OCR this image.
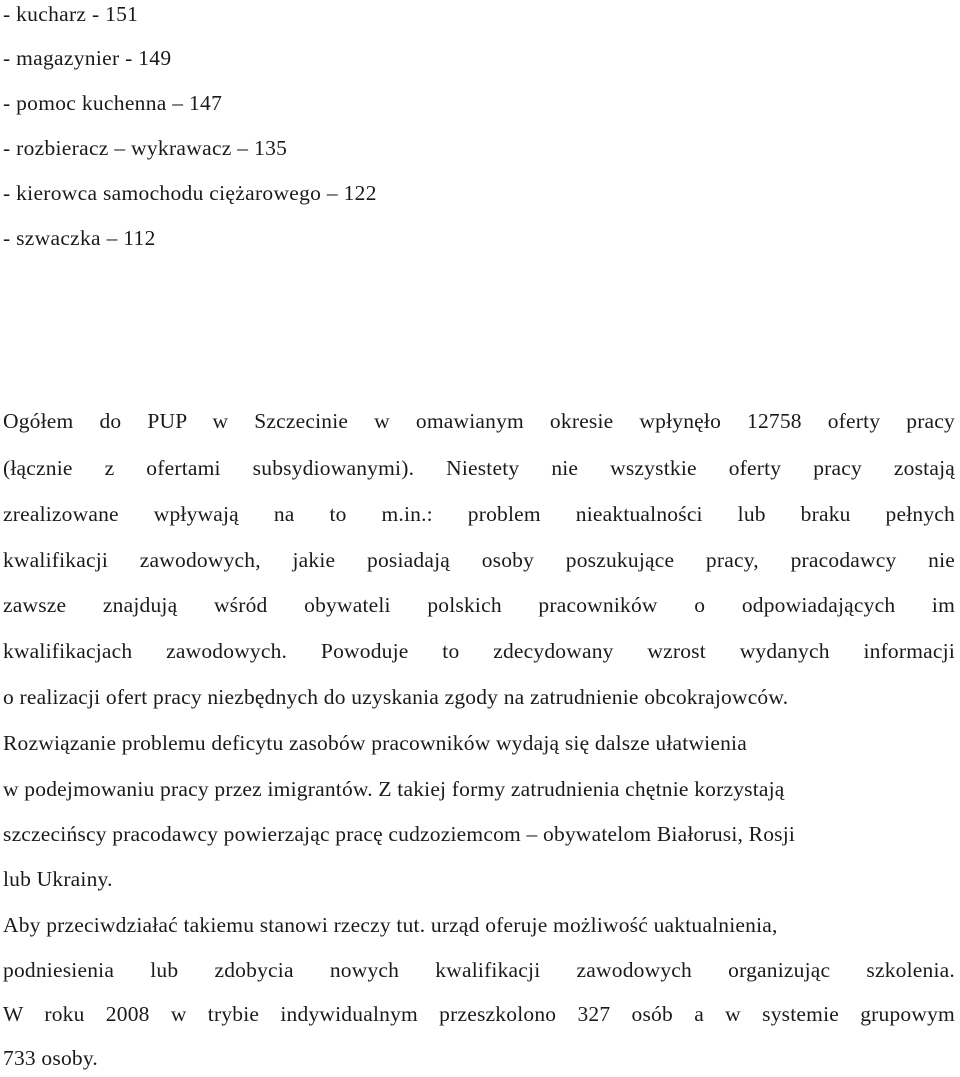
- kucharz - 151
- magazynier - 149
- pomoc kuchenna – 147
- rozbieracz – wykrawacz – 135
- kierowca samochodu ciężarowego – 122
- szwaczka – 112
Ogółem do PUP w Szczecinie w omawianym okresie wpłynęło 12758 oferty pracy
(łącznie z ofertami subsydiowanymi). Niestety nie wszystkie oferty pracy zostają
zrealizowane wpływają na to m.in.: problem nieaktualności lub braku pełnych
kwalifikacji zawodowych, jakie posiadają osoby poszukujące pracy, pracodawcy nie
zawsze znajdują wśród obywateli polskich pracowników o odpowiadających im
kwalifikacjach zawodowych. Powoduje to zdecydowany wzrost wydanych informacji
o realizacji ofert pracy niezbędnych do uzyskania zgody na zatrudnienie obcokrajowców.
Rozwiązanie problemu deficytu zasobów pracowników wydają się dalsze ułatwienia
w podejmowaniu pracy przez imigrantów. Z takiej formy zatrudnienia chętnie korzystają
szczecińscy pracodawcy powierzając pracę cudzoziemcom – obywatelom Białorusi, Rosji
lub Ukrainy.
Aby przeciwdziałać takiemu stanowi rzeczy tut. urząd oferuje możliwość uaktualnienia,
podniesienia lub zdobycia nowych kwalifikacji zawodowych organizując szkolenia.
W roku 2008 w trybie indywidualnym przeszkolono 327 osób a w systemie grupowym
733 osoby.
